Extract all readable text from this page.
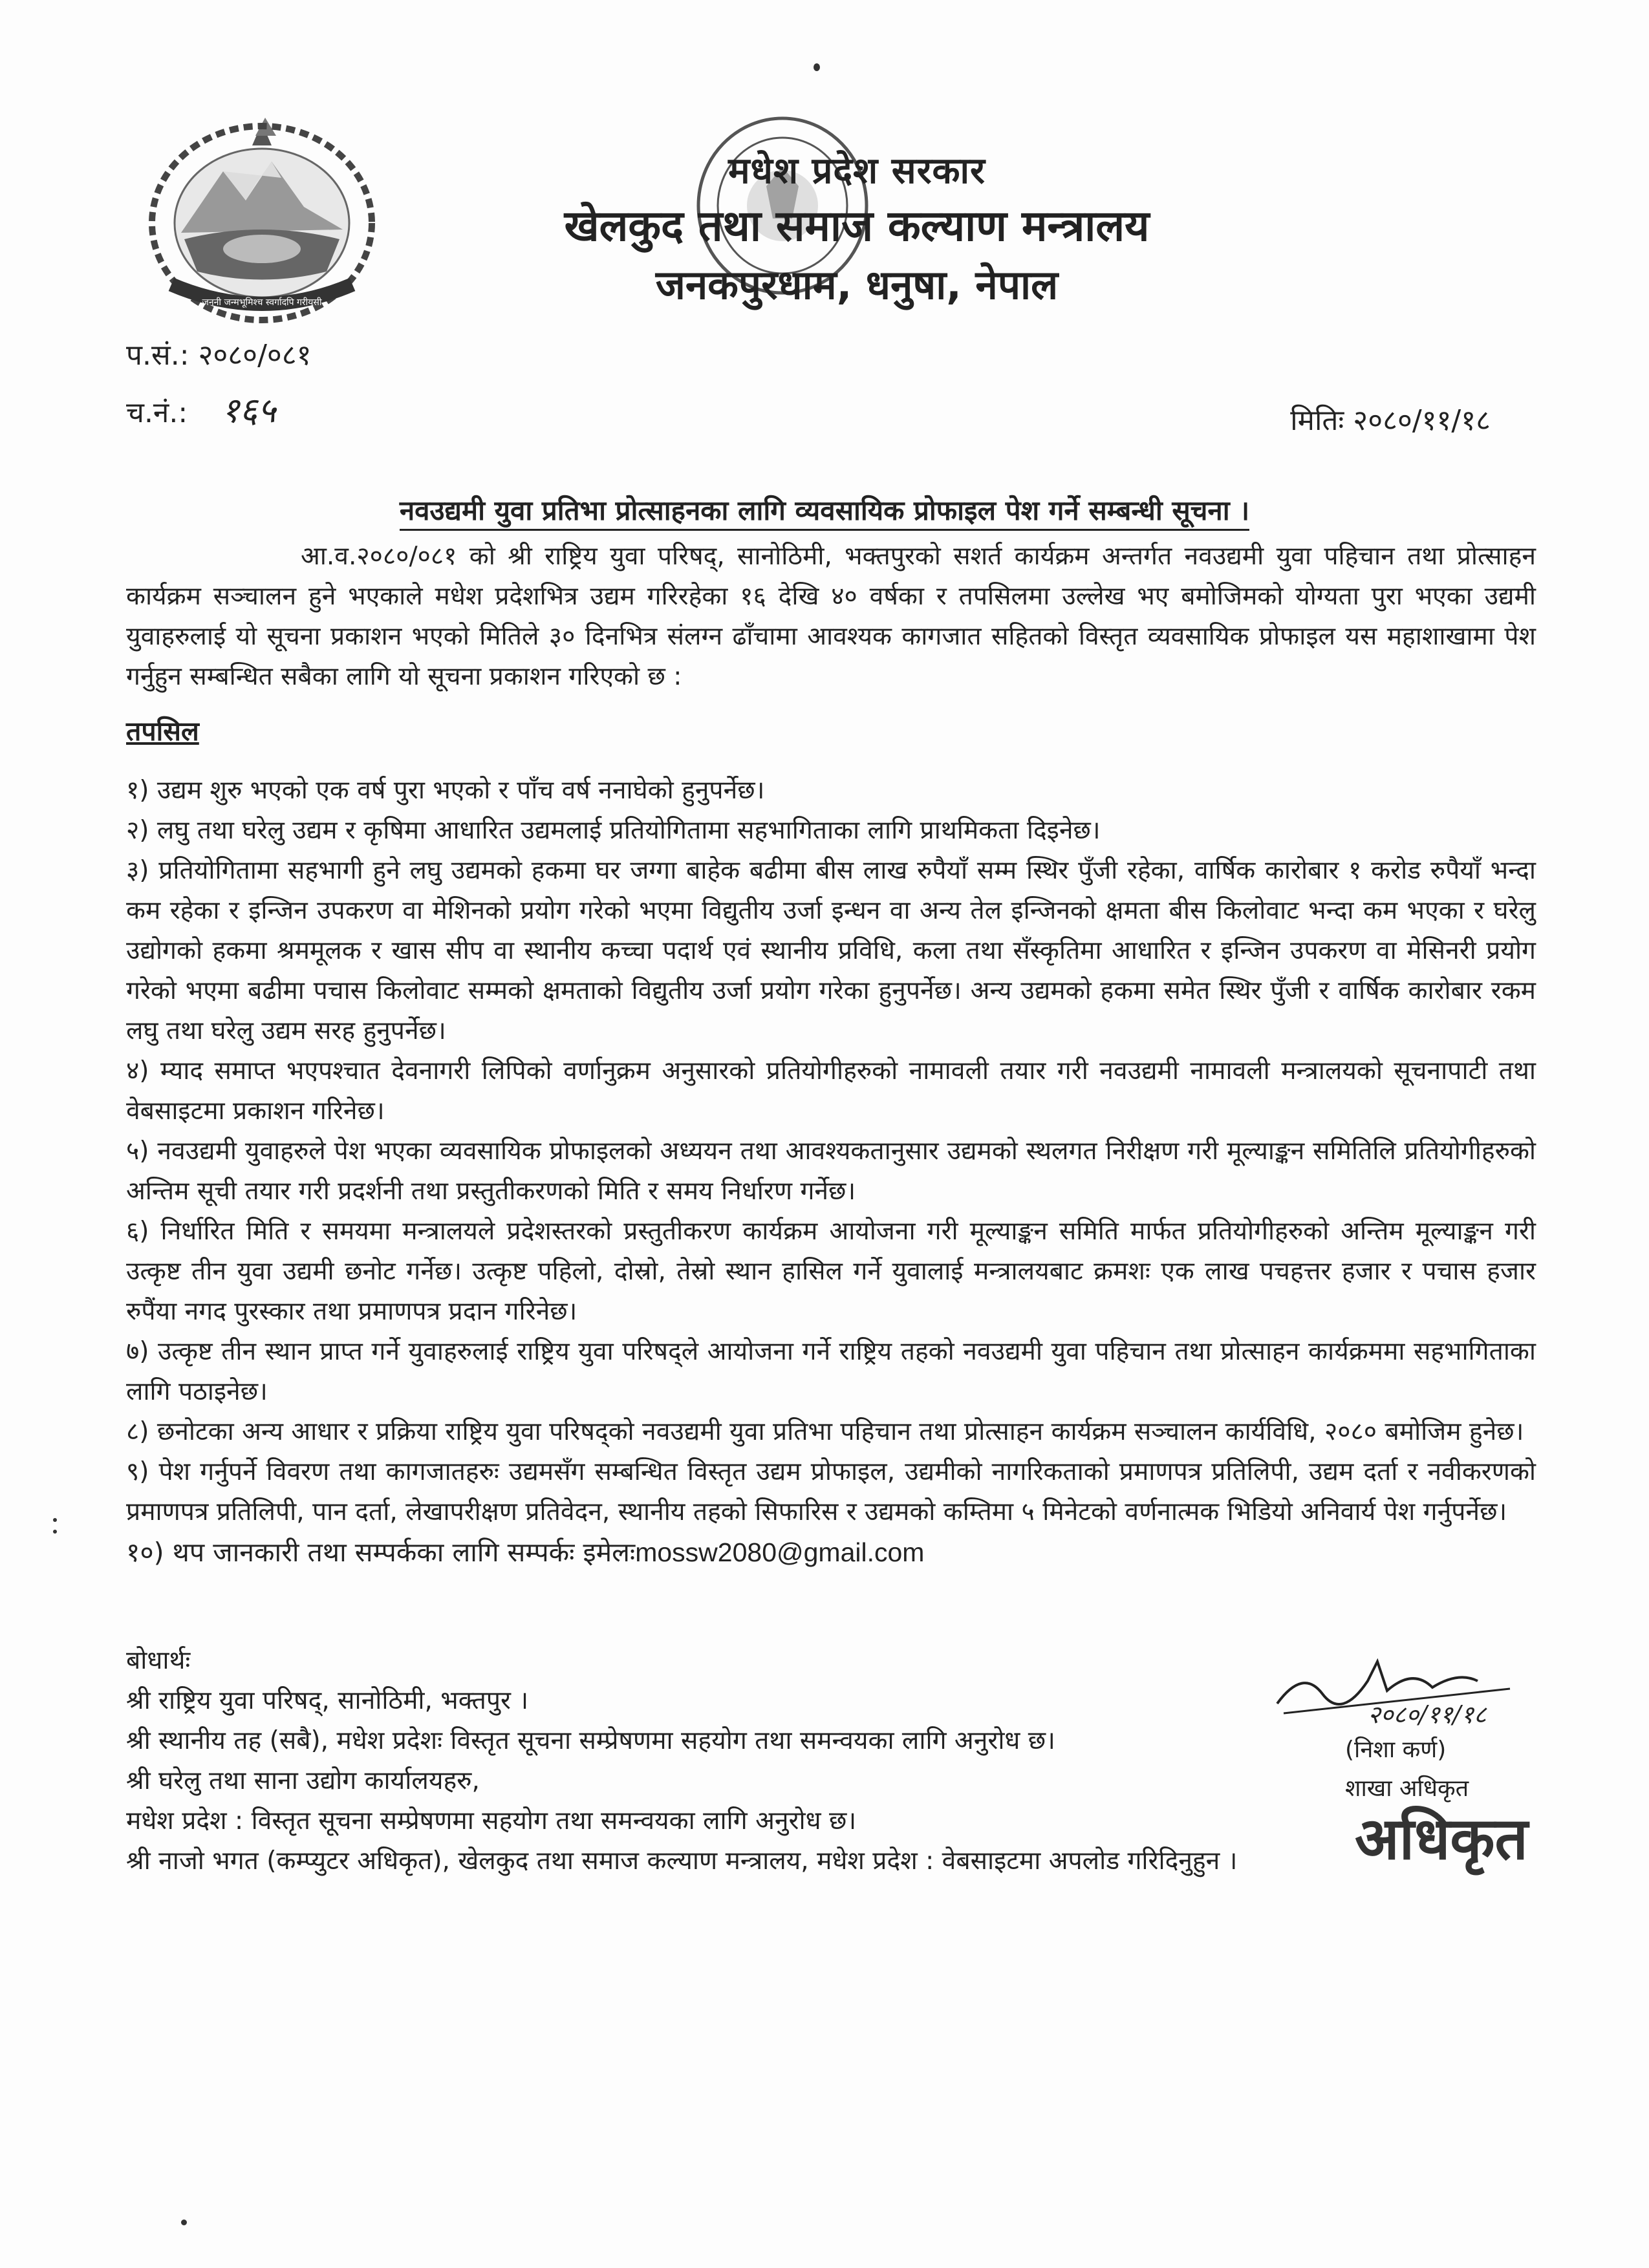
जननी जन्मभूमिश्च स्वर्गादपि गरीयसी
मधेश प्रदेश सरकार
खेलकुद तथा समाज कल्याण मन्त्रालय
जनकपुरधाम, धनुषा, नेपाल
प.सं.: २०८०/०८१
च.नं.: १६५	मितिः २०८०/११/१८
नवउद्यमी युवा प्रतिभा प्रोत्साहनका लागि व्यवसायिक प्रोफाइल पेश गर्ने सम्बन्धी सूचना ।

आ.व.२०८०/०८१ को श्री राष्ट्रिय युवा परिषद्, सानोठिमी, भक्तपुरको सशर्त कार्यक्रम अन्तर्गत नवउद्यमी युवा पहिचान तथा प्रोत्साहन कार्यक्रम सञ्चालन हुने भएकाले मधेश प्रदेशभित्र उद्यम गरिरहेका १६ देखि ४० वर्षका र तपसिलमा उल्लेख भए बमोजिमको योग्यता पुरा भएका उद्यमी युवाहरुलाई यो सूचना प्रकाशन भएको मितिले ३० दिनभित्र संलग्न ढाँचामा आवश्यक कागजात सहितको विस्तृत व्यवसायिक प्रोफाइल यस महाशाखामा पेश गर्नुहुन सम्बन्धित सबैका लागि यो सूचना प्रकाशन गरिएको छ :

तपसिल

१) उद्यम शुरु भएको एक वर्ष पुरा भएको र पाँच वर्ष ननाघेको हुनुपर्नेछ।

२) लघु तथा घरेलु उद्यम र कृषिमा आधारित उद्यमलाई प्रतियोगितामा सहभागिताका लागि प्राथमिकता दिइनेछ।

३) प्रतियोगितामा सहभागी हुने लघु उद्यमको हकमा घर जग्गा बाहेक बढीमा बीस लाख रुपैयाँ सम्म स्थिर पुँजी रहेका, वार्षिक कारोबार १ करोड रुपैयाँ भन्दा कम रहेका र इन्जिन उपकरण वा मेशिनको प्रयोग गरेको भएमा विद्युतीय उर्जा इन्धन वा अन्य तेल इन्जिनको क्षमता बीस किलोवाट भन्दा कम भएका र घरेलु उद्योगको हकमा श्रममूलक र खास सीप वा स्थानीय कच्चा पदार्थ एवं स्थानीय प्रविधि, कला तथा सँस्कृतिमा आधारित र इन्जिन उपकरण वा मेसिनरी प्रयोग गरेको भएमा बढीमा पचास किलोवाट सम्मको क्षमताको विद्युतीय उर्जा प्रयोग गरेका हुनुपर्नेछ। अन्य उद्यमको हकमा समेत स्थिर पुँजी र वार्षिक कारोबार रकम लघु तथा घरेलु उद्यम सरह हुनुपर्नेछ।

४) म्याद समाप्त भएपश्चात देवनागरी लिपिको वर्णानुक्रम अनुसारको प्रतियोगीहरुको नामावली तयार गरी नवउद्यमी नामावली मन्त्रालयको सूचनापाटी तथा वेबसाइटमा प्रकाशन गरिनेछ।

५) नवउद्यमी युवाहरुले पेश भएका व्यवसायिक प्रोफाइलको अध्ययन तथा आवश्यकतानुसार उद्यमको स्थलगत निरीक्षण गरी मूल्याङ्कन समितिलि प्रतियोगीहरुको अन्तिम सूची तयार गरी प्रदर्शनी तथा प्रस्तुतीकरणको मिति र समय निर्धारण गर्नेछ।

६) निर्धारित मिति र समयमा मन्त्रालयले प्रदेशस्तरको प्रस्तुतीकरण कार्यक्रम आयोजना गरी मूल्याङ्कन समिति मार्फत प्रतियोगीहरुको अन्तिम मूल्याङ्कन गरी उत्कृष्ट तीन युवा उद्यमी छनोट गर्नेछ। उत्कृष्ट पहिलो, दोस्रो, तेस्रो स्थान हासिल गर्ने युवालाई मन्त्रालयबाट क्रमशः एक लाख पचहत्तर हजार र पचास हजार रुपैंया नगद पुरस्कार तथा प्रमाणपत्र प्रदान गरिनेछ।

७) उत्कृष्ट तीन स्थान प्राप्त गर्ने युवाहरुलाई राष्ट्रिय युवा परिषद्ले आयोजना गर्ने राष्ट्रिय तहको नवउद्यमी युवा पहिचान तथा प्रोत्साहन कार्यक्रममा सहभागिताका लागि पठाइनेछ।

८) छनोटका अन्य आधार र प्रक्रिया राष्ट्रिय युवा परिषद्को नवउद्यमी युवा प्रतिभा पहिचान तथा प्रोत्साहन कार्यक्रम सञ्चालन कार्यविधि, २०८० बमोजिम हुनेछ।

९) पेश गर्नुपर्ने विवरण तथा कागजातहरुः उद्यमसँग सम्बन्धित विस्तृत उद्यम प्रोफाइल, उद्यमीको नागरिकताको प्रमाणपत्र प्रतिलिपी, उद्यम दर्ता र नवीकरणको प्रमाणपत्र प्रतिलिपी, पान दर्ता, लेखापरीक्षण प्रतिवेदन, स्थानीय तहको सिफारिस र उद्यमको कम्तिमा ५ मिनेटको वर्णनात्मक भिडियो अनिवार्य पेश गर्नुपर्नेछ।

१०) थप जानकारी तथा सम्पर्कका लागि सम्पर्कः इमेलःmossw2080@gmail.com

बोधार्थः

श्री राष्ट्रिय युवा परिषद्, सानोठिमी, भक्तपुर ।

श्री स्थानीय तह (सबै), मधेश प्रदेशः विस्तृत सूचना सम्प्रेषणमा सहयोग तथा समन्वयका लागि अनुरोध छ।

श्री घरेलु तथा साना उद्योग कार्यालयहरु,

मधेश प्रदेश : विस्तृत सूचना सम्प्रेषणमा सहयोग तथा समन्वयका लागि अनुरोध छ।

श्री नाजो भगत (कम्प्युटर अधिकृत), खेलकुद तथा समाज कल्याण मन्त्रालय, मधेश प्रदेश : वेबसाइटमा अपलोड गरिदिनुहुन ।

२०८०/११/१८
(निशा कर्ण)
शाखा अधिकृत
अधिकृत
